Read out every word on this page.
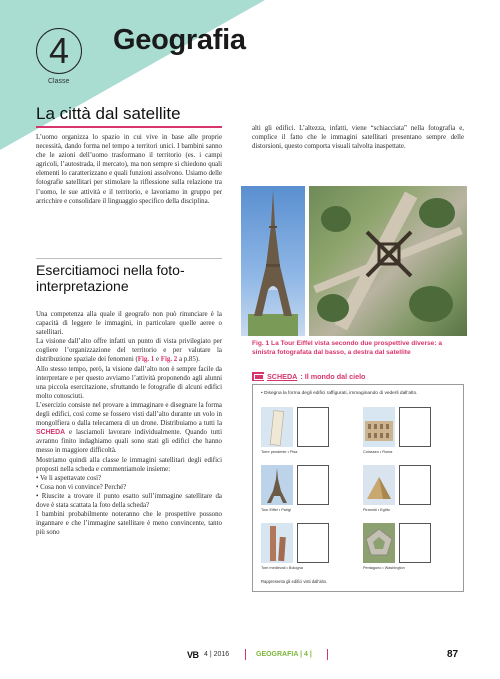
4
Classe
Geografia
La città dal satellite

L’uomo organizza lo spazio in cui vive in base alle proprie necessità, dando forma nel tempo a territori unici. I bambini sanno che le azioni dell’uomo trasformano il territorio (es. i campi agricoli, l’autostrada, il mercato), ma non sempre si chiedono quali elementi lo caratterizzano e quali funzioni assolvono. Usiamo delle fotografie satellitari per stimolare la riflessione sulla relazione tra l’uomo, le sue attività e il territorio, e lavoriamo in gruppo per arricchire e consolidare il linguaggio specifico della disciplina.

Esercitiamoci nella foto-interpretazione

Una competenza alla quale il geografo non può rinunciare è la capacità di leggere le immagini, in particolare quelle aeree o satellitari.

La visione dall’alto offre infatti un punto di vista privilegiato per cogliere l’organizzazione del territorio e per valutare la distribuzione spaziale dei fenomeni (Fig. 1 e Fig. 2 a p.85).

Allo stesso tempo, però, la visione dall’alto non è sempre facile da interpretare e per questo avviamo l’attività proponendo agli alunni una piccola esercitazione, sfruttando le fotografie di alcuni edifici molto conosciuti.

L’esercizio consiste nel provare a immaginare e disegnare la forma degli edifici, così come se fossero visti dall’alto durante un volo in mongolfiera o dalla telecamera di un drone. Distribuiamo a tutti la SCHEDA e lasciamoli lavorare individualmente. Quando tutti avranno finito indaghiamo quali sono stati gli edifici che hanno messo in maggiore difficoltà.

Mostriamo quindi alla classe le immagini satellitari degli edifici proposti nella scheda e commentiamole insieme:

• Ve li aspettavate così?

• Cosa non vi convince? Perché?

• Riuscite a trovare il punto esatto sull’immagine satellitare da dove è stata scattata la foto della scheda?

I bambini probabilmente noteranno che le prospettive possono ingannare e che l’immagine satellitare è meno convincente, tanto più sono

alti gli edifici. L’altezza, infatti, viene “schiacciata” nella fotografia e, complice il fatto che le immagini satellitari presentano sempre delle distorsioni, questo comporta visuali talvolta inaspettate.

Fig. 1 La Tour Eiffel vista secondo due prospettive diverse: a sinistra fotografata dal basso, a destra dal satellite
SCHEDA : Il mondo dal cielo
• Disegna la forma degli edifici raffigurati, immaginando di vederli dall’alto.
Torre pendente • Pisa	Colosseo • Roma
Tour Eiffel • Parigi	Piramidi • Egitto
Torri medievali • Bologna	Pentagono • Washington
Rappresenta gli edifici visti dall’alto.
VB 4 | 2016	GEOGRAFIA | 4 |	87
